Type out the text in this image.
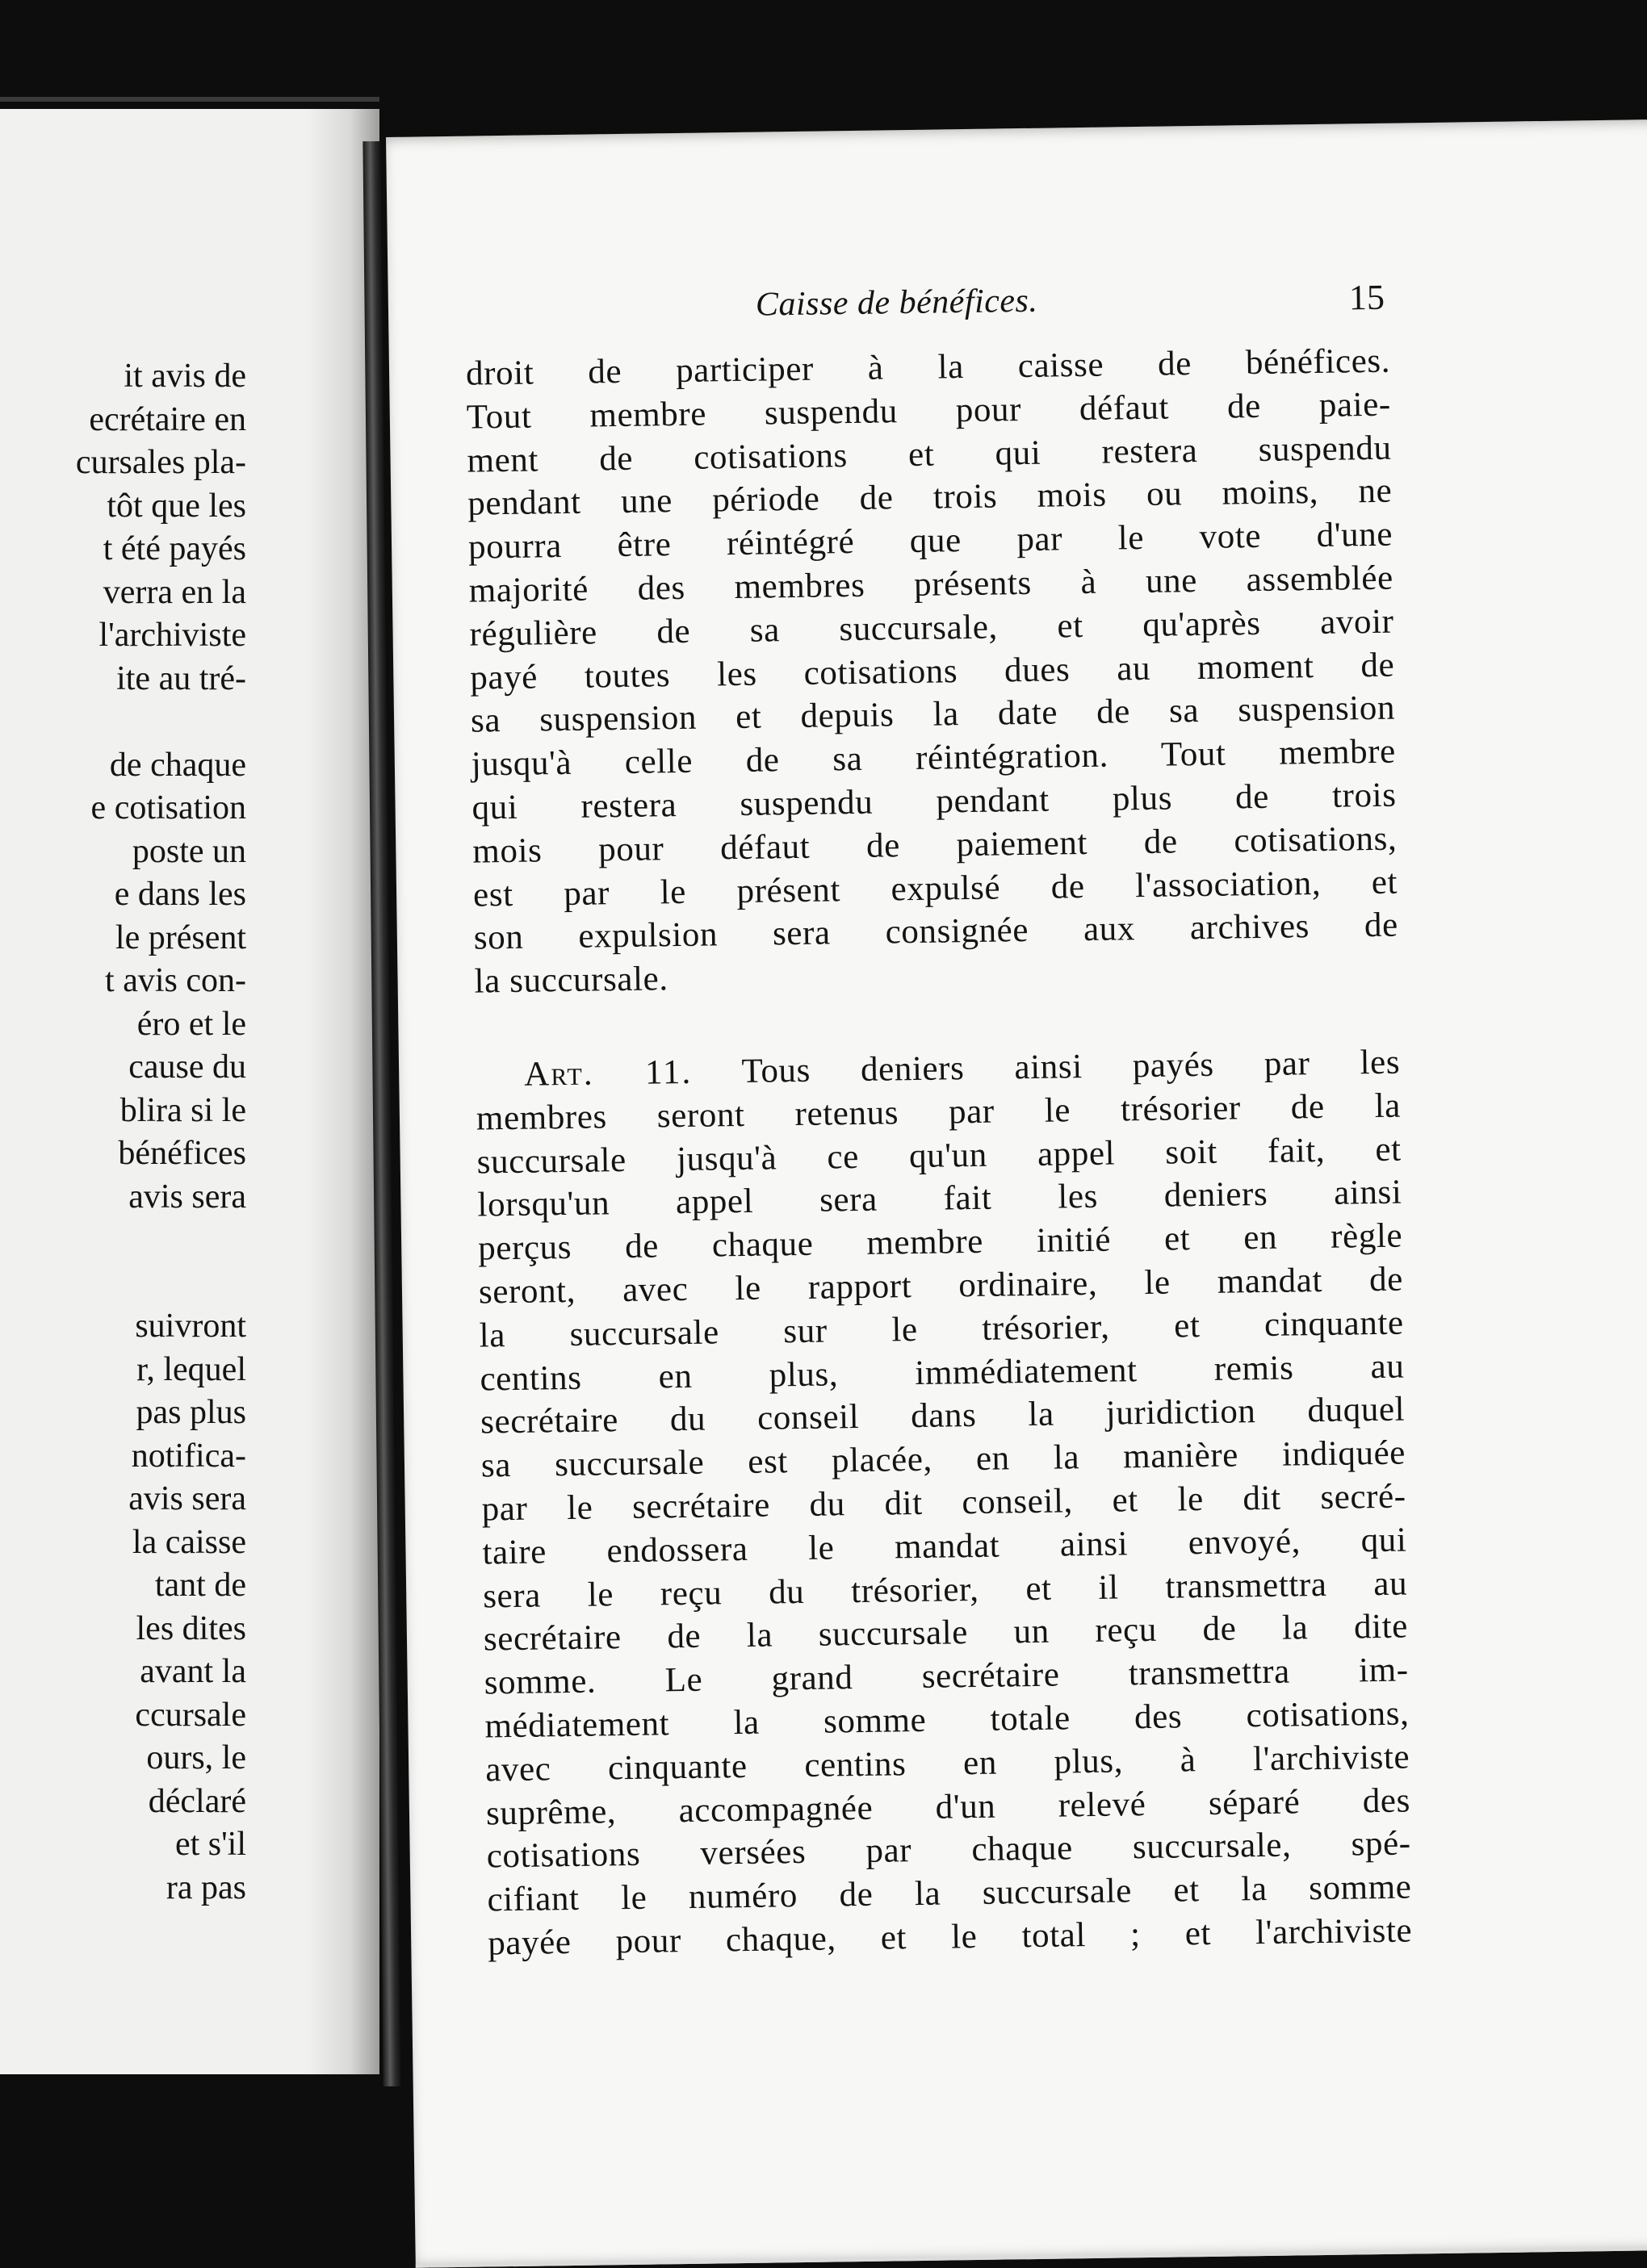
it avis de
ecrétaire en
cursales pla-
tôt que les
t été payés
verra en la
l'archiviste
ite au tré-
de chaque
e cotisation
poste un
e dans les
le présent
t avis con-
éro et le
cause du
blira si le
bénéfices
avis sera
suivront
r, lequel
pas plus
notifica-
avis sera
la caisse
tant de
les dites
avant la
ccursale
ours, le
déclaré
et s'il
ra pas
Caisse de bénéfices.	15
droit de participer à la caisse de bénéfices.
Tout membre suspendu pour défaut de paie-
ment de cotisations et qui restera suspendu
pendant une période de trois mois ou moins, ne
pourra être réintégré que par le vote d'une
majorité des membres présents à une assemblée
régulière de sa succursale, et qu'après avoir
payé toutes les cotisations dues au moment de
sa suspension et depuis la date de sa suspension
jusqu'à celle de sa réintégration. Tout membre
qui restera suspendu pendant plus de trois
mois pour défaut de paiement de cotisations,
est par le présent expulsé de l'association, et
son expulsion sera consignée aux archives de
la succursale.
Art. 11. Tous deniers ainsi payés par les
membres seront retenus par le trésorier de la
succursale jusqu'à ce qu'un appel soit fait, et
lorsqu'un appel sera fait les deniers ainsi
perçus de chaque membre initié et en règle
seront, avec le rapport ordinaire, le mandat de
la succursale sur le trésorier, et cinquante
centins en plus, immédiatement remis au
secrétaire du conseil dans la juridiction duquel
sa succursale est placée, en la manière indiquée
par le secrétaire du dit conseil, et le dit secré-
taire endossera le mandat ainsi envoyé, qui
sera le reçu du trésorier, et il transmettra au
secrétaire de la succursale un reçu de la dite
somme. Le grand secrétaire transmettra im-
médiatement la somme totale des cotisations,
avec cinquante centins en plus, à l'archiviste
suprême, accompagnée d'un relevé séparé des
cotisations versées par chaque succursale, spé-
cifiant le numéro de la succursale et la somme
payée pour chaque, et le total ; et l'archiviste
